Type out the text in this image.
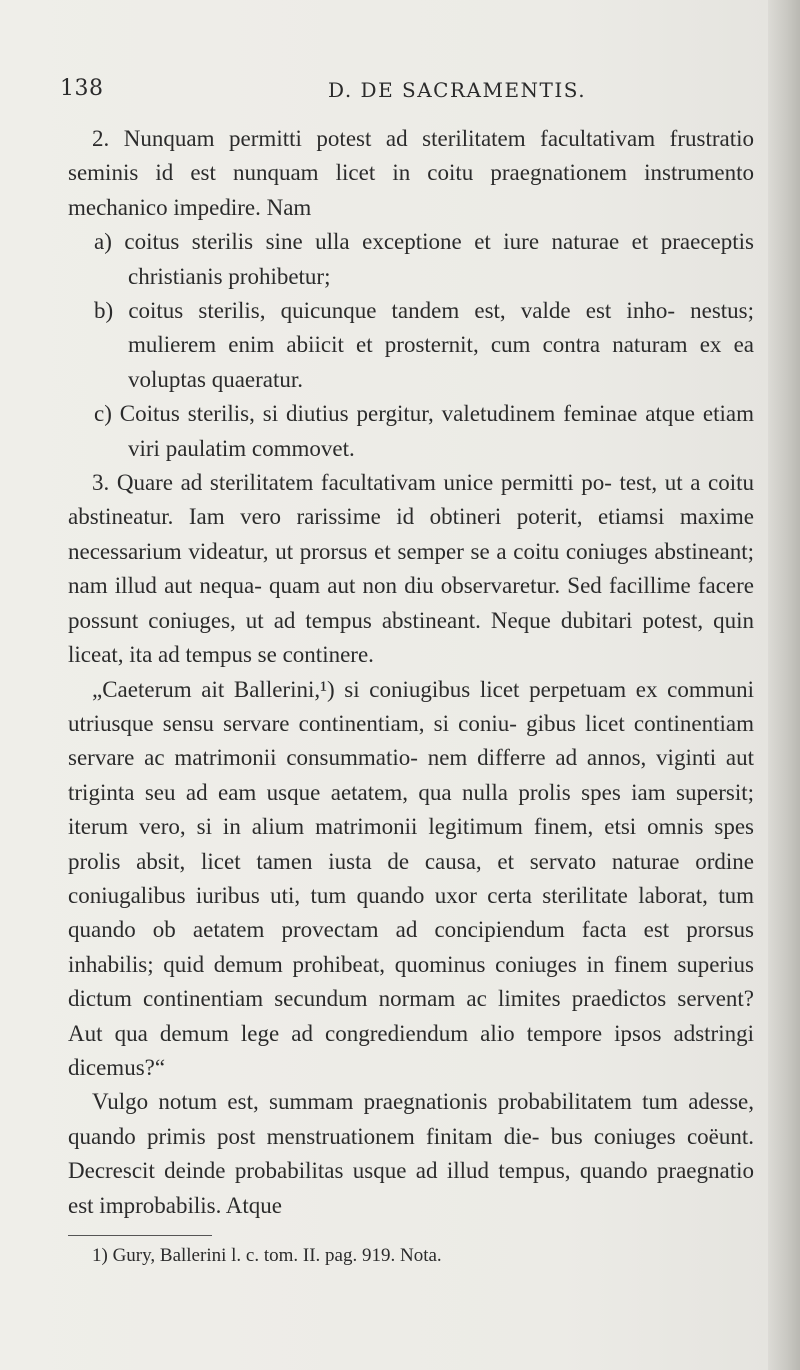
138	D. DE SACRAMENTIS.

2. Nunquam permitti potest ad sterilitatem facultativam frustratio seminis id est nunquam licet in coitu praegnationem instrumento mechanico impedire. Nam

a) coitus sterilis sine ulla exceptione et iure naturae et praeceptis christianis prohibetur;

b) coitus sterilis, quicunque tandem est, valde est inho- nestus; mulierem enim abiicit et prosternit, cum contra naturam ex ea voluptas quaeratur.

c) Coitus sterilis, si diutius pergitur, valetudinem feminae atque etiam viri paulatim commovet.

3. Quare ad sterilitatem facultativam unice permitti po- test, ut a coitu abstineatur. Iam vero rarissime id obtineri poterit, etiamsi maxime necessarium videatur, ut prorsus et semper se a coitu coniuges abstineant; nam illud aut nequa- quam aut non diu observaretur. Sed facillime facere possunt coniuges, ut ad tempus abstineant. Neque dubitari potest, quin liceat, ita ad tempus se continere.

„Caeterum ait Ballerini,¹) si coniugibus licet perpetuam ex communi utriusque sensu servare continentiam, si coniu- gibus licet continentiam servare ac matrimonii consummatio- nem differre ad annos, viginti aut triginta seu ad eam usque aetatem, qua nulla prolis spes iam supersit; iterum vero, si in alium matrimonii legitimum finem, etsi omnis spes prolis absit, licet tamen iusta de causa, et servato naturae ordine coniugalibus iuribus uti, tum quando uxor certa sterilitate laborat, tum quando ob aetatem provectam ad concipiendum facta est prorsus inhabilis; quid demum prohibeat, quominus coniuges in finem superius dictum continentiam secundum normam ac limites praedictos servent? Aut qua demum lege ad congrediendum alio tempore ipsos adstringi dicemus?“

Vulgo notum est, summam praegnationis probabilitatem tum adesse, quando primis post menstruationem finitam die- bus coniuges coëunt. Decrescit deinde probabilitas usque ad illud tempus, quando praegnatio est improbabilis. Atque

1) Gury, Ballerini l. c. tom. II. pag. 919. Nota.
